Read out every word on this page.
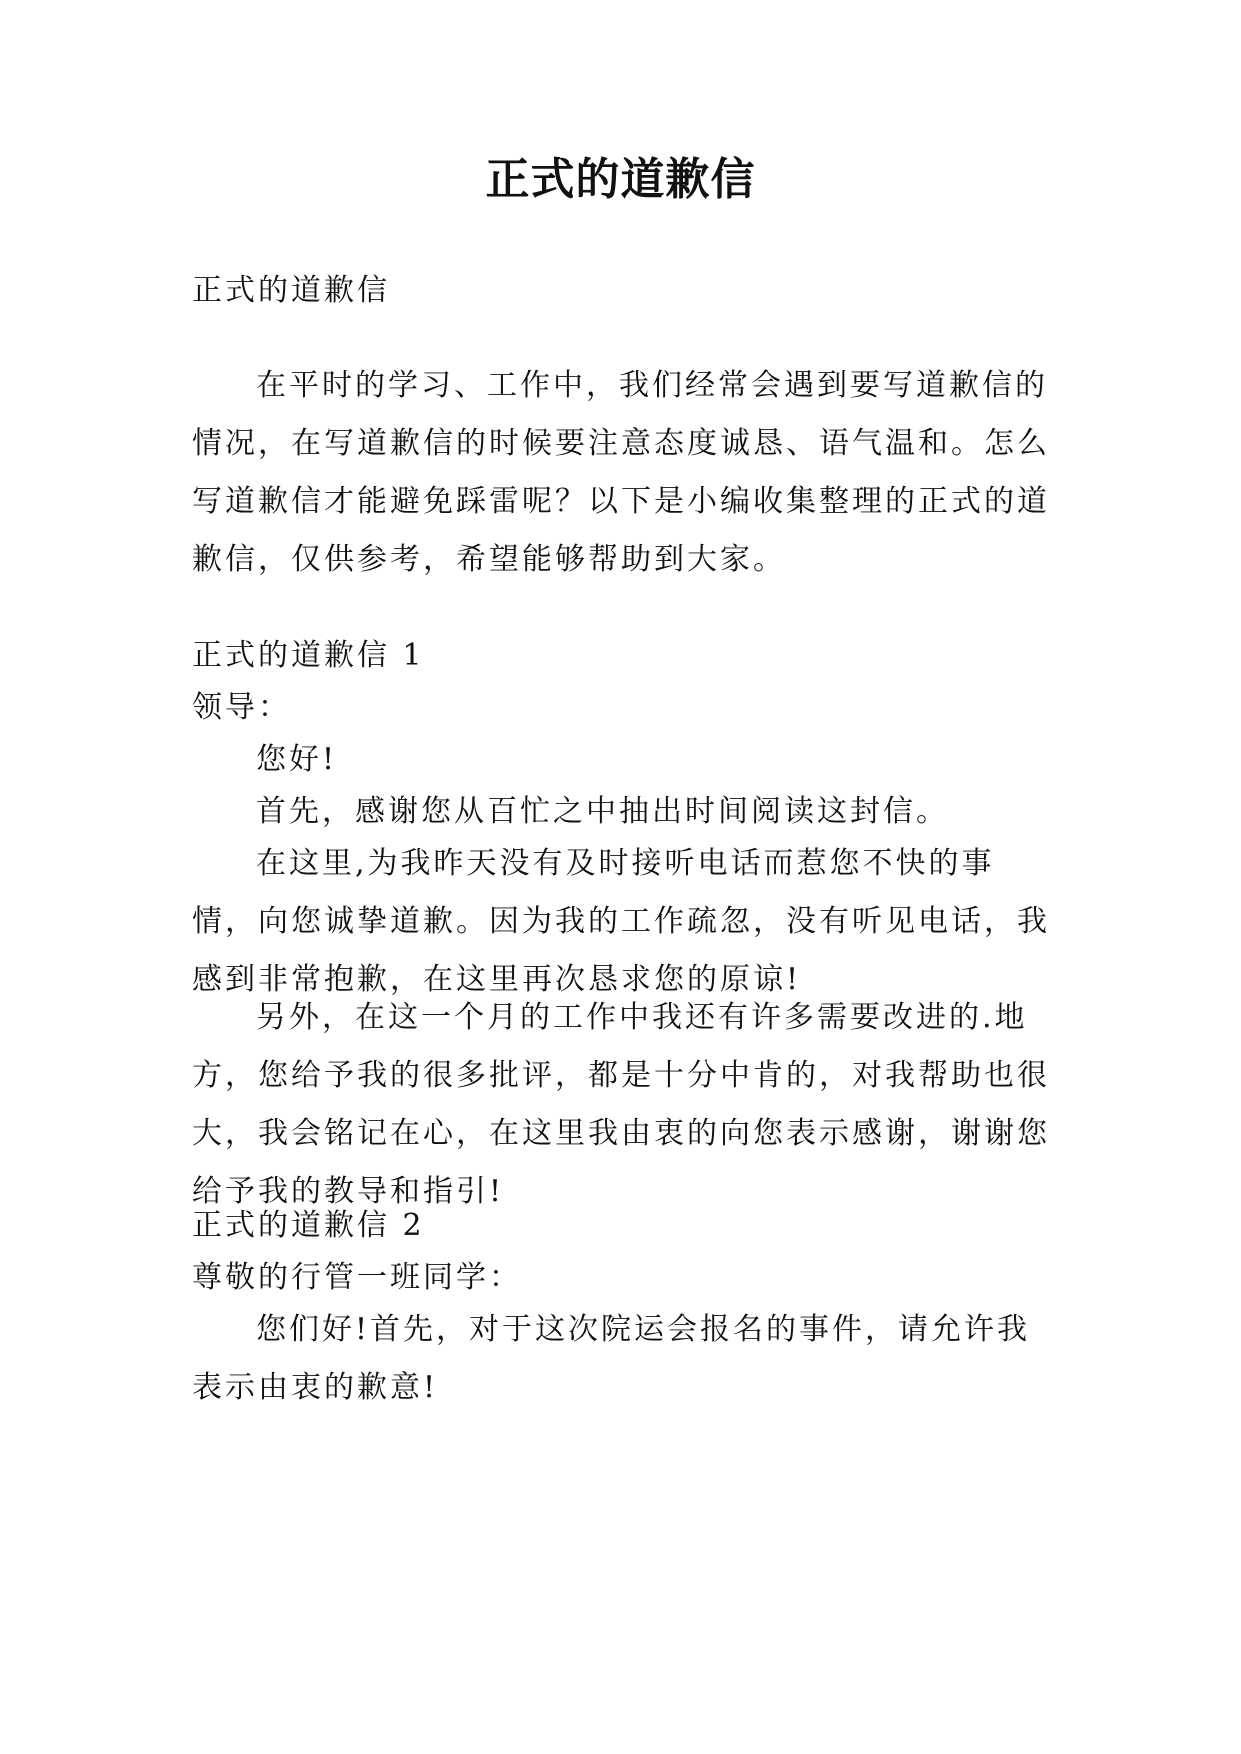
正式的道歉信
正式的道歉信

在平时的学习、工作中，我们经常会遇到要写道歉信的情况，在写道歉信的时候要注意态度诚恳、语气温和。怎么写道歉信才能避免踩雷呢？以下是小编收集整理的正式的道歉信，仅供参考，希望能够帮助到大家。

正式的道歉信 1
领导：
您好!

首先，感谢您从百忙之中抽出时间阅读这封信。

在这里,为我昨天没有及时接听电话而惹您不快的事情，向您诚挚道歉。因为我的工作疏忽，没有听见电话，我感到非常抱歉，在这里再次恳求您的原谅!

另外，在这一个月的工作中我还有许多需要改进的.地方，您给予我的很多批评，都是十分中肯的，对我帮助也很大，我会铭记在心，在这里我由衷的向您表示感谢，谢谢您给予我的教导和指引!

正式的道歉信 2
尊敬的行管一班同学：

您们好!首先，对于这次院运会报名的事件，请允许我表示由衷的歉意!
